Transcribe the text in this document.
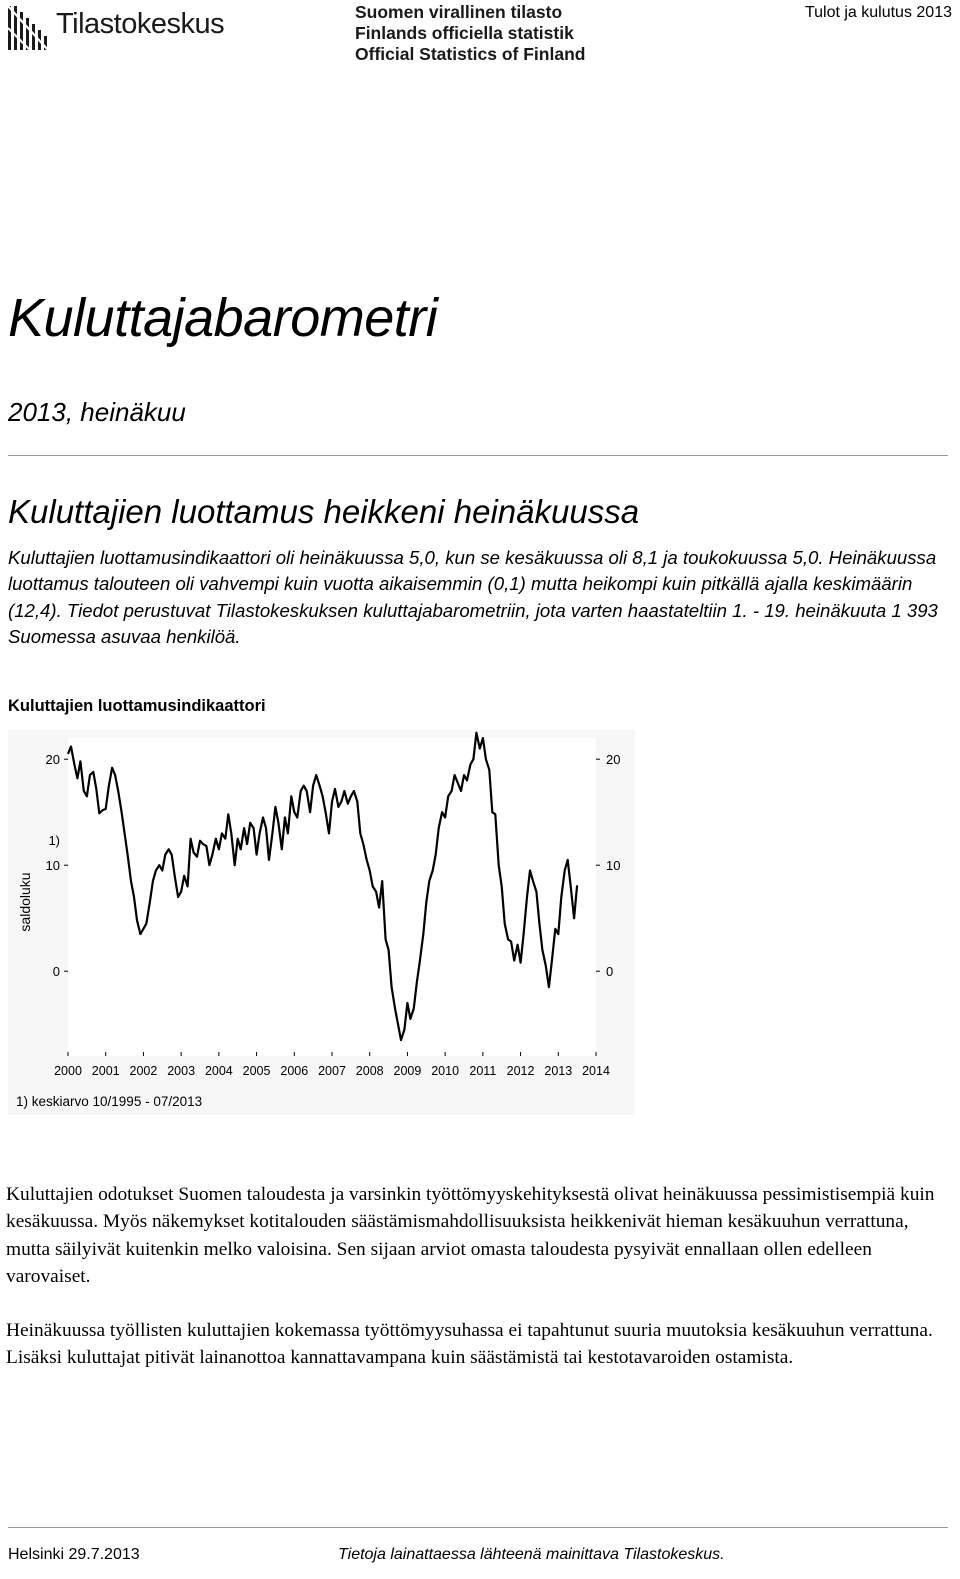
Tilastokeskus	Suomen virallinen tilasto
Finlands officiella statistik
Official Statistics of Finland
Tulot ja kulutus 2013
Kuluttajabarometri
2013, heinäkuu
Kuluttajien luottamus heikkeni heinäkuussa
Kuluttajien luottamusindikaattori oli heinäkuussa 5,0, kun se kesäkuussa oli 8,1 ja toukokuussa 5,0. Heinäkuussa luottamus talouteen oli vahvempi kuin vuotta aikaisemmin (0,1) mutta heikompi kuin pitkällä ajalla keskimäärin (12,4). Tiedot perustuvat Tilastokeskuksen kuluttajabarometriin, jota varten haastateltiin 1. - 19. heinäkuuta 1 393 Suomessa asuvaa henkilöä.
Kuluttajien luottamusindikaattori
1)
0	0
10	10
20	20
2000 2001 2002 2003 2004 2005 2006 2007 2008 2009 2010 2011 2012 2013 2014
saldoluku
1) keskiarvo 10/1995 - 07/2013
Kuluttajien odotukset Suomen taloudesta ja varsinkin työttömyyskehityksestä olivat heinäkuussa pessimistisempiä kuin kesäkuussa. Myös näkemykset kotitalouden säästämismahdollisuuksista heikkenivät hieman kesäkuuhun verrattuna, mutta säilyivät kuitenkin melko valoisina. Sen sijaan arviot omasta taloudesta pysyivät ennallaan ollen edelleen varovaiset.
Heinäkuussa työllisten kuluttajien kokemassa työttömyysuhassa ei tapahtunut suuria muutoksia kesäkuuhun verrattuna. Lisäksi kuluttajat pitivät lainanottoa kannattavampana kuin säästämistä tai kestotavaroiden ostamista.
Helsinki 29.7.2013	Tietoja lainattaessa lähteenä mainittava Tilastokeskus.
